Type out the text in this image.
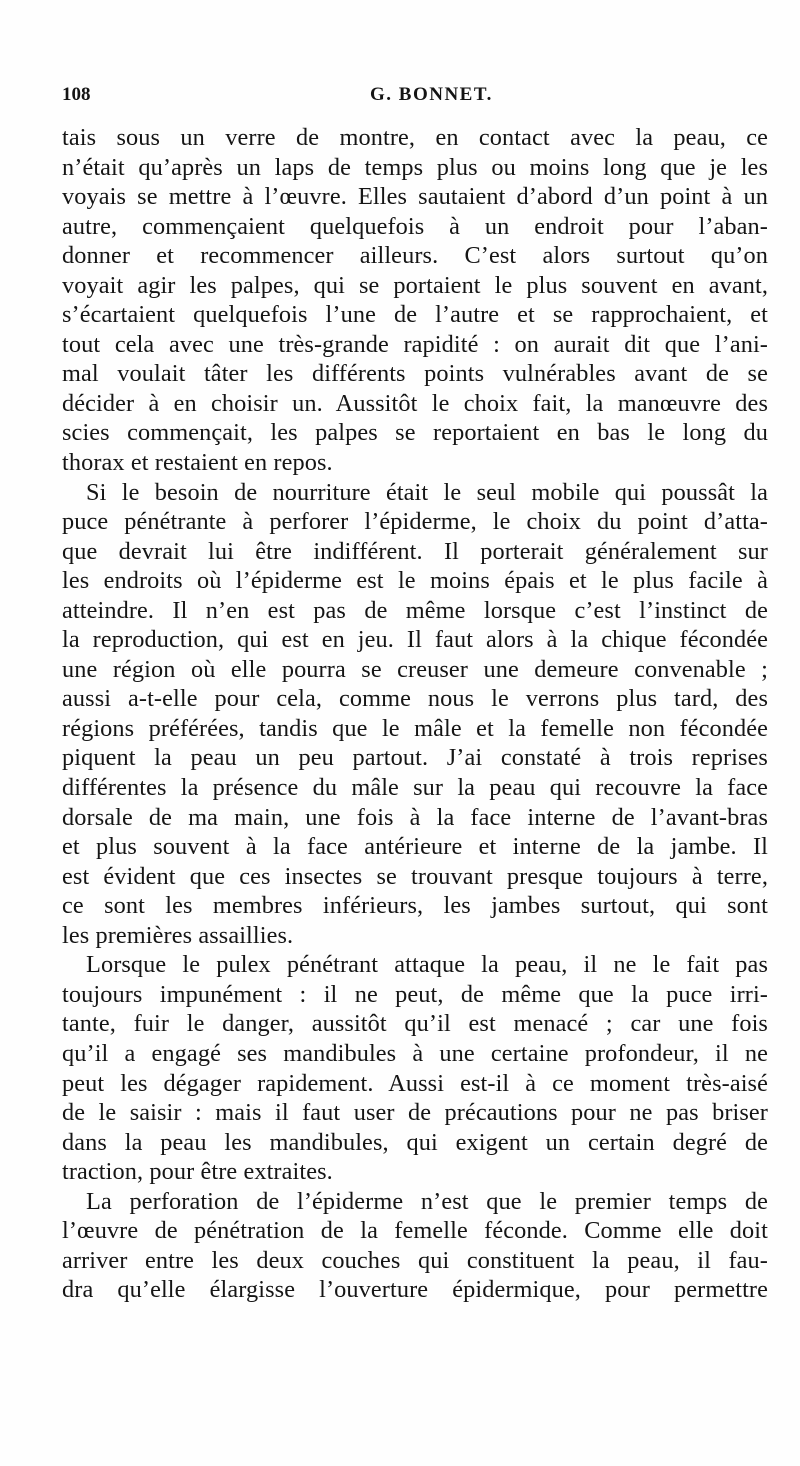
108	G. BONNET.
tais sous un verre de montre, en contact avec la peau, ce
n’était qu’après un laps de temps plus ou moins long que je les
voyais se mettre à l’œuvre. Elles sautaient d’abord d’un point à un
autre, commençaient quelquefois à un endroit pour l’aban-
donner et recommencer ailleurs. C’est alors surtout qu’on
voyait agir les palpes, qui se portaient le plus souvent en avant,
s’écartaient quelquefois l’une de l’autre et se rapprochaient, et
tout cela avec une très-grande rapidité : on aurait dit que l’ani-
mal voulait tâter les différents points vulnérables avant de se
décider à en choisir un. Aussitôt le choix fait, la manœuvre des
scies commençait, les palpes se reportaient en bas le long du
thorax et restaient en repos.
Si le besoin de nourriture était le seul mobile qui poussât la
puce pénétrante à perforer l’épiderme, le choix du point d’atta-
que devrait lui être indifférent. Il porterait généralement sur
les endroits où l’épiderme est le moins épais et le plus facile à
atteindre. Il n’en est pas de même lorsque c’est l’instinct de
la reproduction, qui est en jeu. Il faut alors à la chique fécondée
une région où elle pourra se creuser une demeure convenable ;
aussi a-t-elle pour cela, comme nous le verrons plus tard, des
régions préférées, tandis que le mâle et la femelle non fécondée
piquent la peau un peu partout. J’ai constaté à trois reprises
différentes la présence du mâle sur la peau qui recouvre la face
dorsale de ma main, une fois à la face interne de l’avant-bras
et plus souvent à la face antérieure et interne de la jambe. Il
est évident que ces insectes se trouvant presque toujours à terre,
ce sont les membres inférieurs, les jambes surtout, qui sont
les premières assaillies.
Lorsque le pulex pénétrant attaque la peau, il ne le fait pas
toujours impunément : il ne peut, de même que la puce irri-
tante, fuir le danger, aussitôt qu’il est menacé ; car une fois
qu’il a engagé ses mandibules à une certaine profondeur, il ne
peut les dégager rapidement. Aussi est-il à ce moment très-aisé
de le saisir : mais il faut user de précautions pour ne pas briser
dans la peau les mandibules, qui exigent un certain degré de
traction, pour être extraites.
La perforation de l’épiderme n’est que le premier temps de
l’œuvre de pénétration de la femelle féconde. Comme elle doit
arriver entre les deux couches qui constituent la peau, il fau-
dra qu’elle élargisse l’ouverture épidermique, pour permettre
